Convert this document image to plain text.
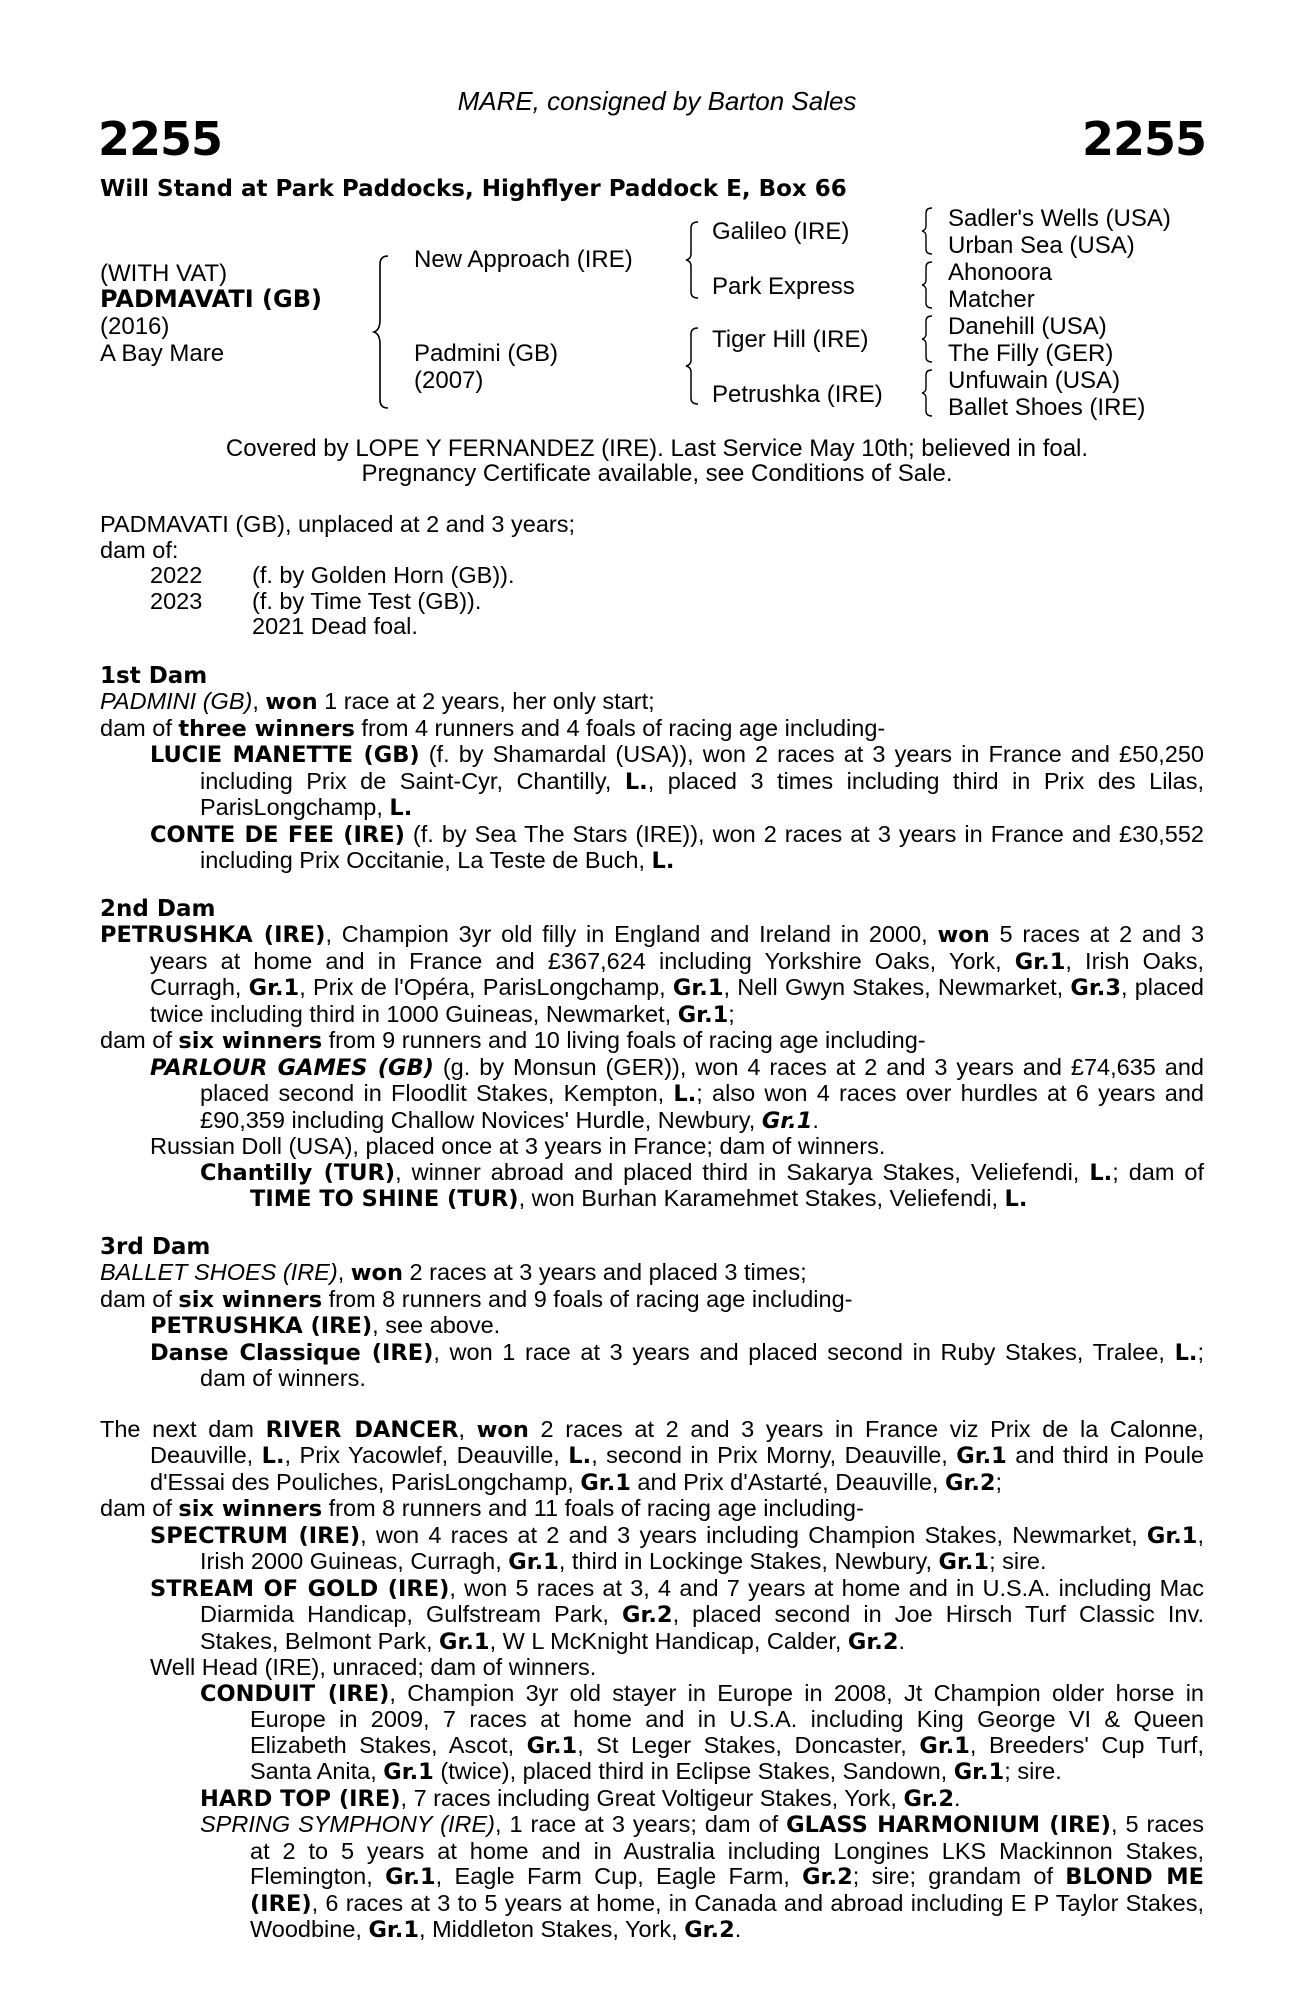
MARE, consigned by Barton Sales
2255	2255
Will Stand at Park Paddocks, Highflyer Paddock E, Box 66
(WITH VAT)
PADMAVATI (GB)
(2016)
A Bay Mare
New Approach (IRE)
Padmini (GB)
(2007)
Galileo (IRE)
Park Express
Tiger Hill (IRE)
Petrushka (IRE)
Sadler's Wells (USA)
Urban Sea (USA)
Ahonoora
Matcher
Danehill (USA)
The Filly (GER)
Unfuwain (USA)
Ballet Shoes (IRE)
Covered by LOPE Y FERNANDEZ (IRE). Last Service May 10th; believed in foal.
Pregnancy Certificate available, see Conditions of Sale.
PADMAVATI (GB), unplaced at 2 and 3 years;
dam of:
2022	(f. by Golden Horn (GB)).
2023	(f. by Time Test (GB)).
2021 Dead foal.
1st Dam

PADMINI (GB), won 1 race at 2 years, her only start;

dam of three winners from 4 runners and 4 foals of racing age including-

LUCIE MANETTE (GB) (f. by Shamardal (USA)), won 2 races at 3 years in France and £50,250 including Prix de Saint-Cyr, Chantilly, L., placed 3 times including third in Prix des Lilas, ParisLongchamp, L.

CONTE DE FEE (IRE) (f. by Sea The Stars (IRE)), won 2 races at 3 years in France and £30,552 including Prix Occitanie, La Teste de Buch, L.

2nd Dam

PETRUSHKA (IRE), Champion 3yr old filly in England and Ireland in 2000, won 5 races at 2 and 3 years at home and in France and £367,624 including Yorkshire Oaks, York, Gr.1, Irish Oaks, Curragh, Gr.1, Prix de l'Opéra, ParisLongchamp, Gr.1, Nell Gwyn Stakes, Newmarket, Gr.3, placed twice including third in 1000 Guineas, Newmarket, Gr.1;

dam of six winners from 9 runners and 10 living foals of racing age including-

PARLOUR GAMES (GB) (g. by Monsun (GER)), won 4 races at 2 and 3 years and £74,635 and placed second in Floodlit Stakes, Kempton, L.; also won 4 races over hurdles at 6 years and £90,359 including Challow Novices' Hurdle, Newbury, Gr.1.

Russian Doll (USA), placed once at 3 years in France; dam of winners.

Chantilly (TUR), winner abroad and placed third in Sakarya Stakes, Veliefendi, L.; dam of TIME TO SHINE (TUR), won Burhan Karamehmet Stakes, Veliefendi, L.

3rd Dam

BALLET SHOES (IRE), won 2 races at 3 years and placed 3 times;

dam of six winners from 8 runners and 9 foals of racing age including-

PETRUSHKA (IRE), see above.

Danse Classique (IRE), won 1 race at 3 years and placed second in Ruby Stakes, Tralee, L.; dam of winners.

The next dam RIVER DANCER, won 2 races at 2 and 3 years in France viz Prix de la Calonne, Deauville, L., Prix Yacowlef, Deauville, L., second in Prix Morny, Deauville, Gr.1 and third in Poule d'Essai des Pouliches, ParisLongchamp, Gr.1 and Prix d'Astarté, Deauville, Gr.2;

dam of six winners from 8 runners and 11 foals of racing age including-

SPECTRUM (IRE), won 4 races at 2 and 3 years including Champion Stakes, Newmarket, Gr.1, Irish 2000 Guineas, Curragh, Gr.1, third in Lockinge Stakes, Newbury, Gr.1; sire.

STREAM OF GOLD (IRE), won 5 races at 3, 4 and 7 years at home and in U.S.A. including Mac Diarmida Handicap, Gulfstream Park, Gr.2, placed second in Joe Hirsch Turf Classic Inv. Stakes, Belmont Park, Gr.1, W L McKnight Handicap, Calder, Gr.2.

Well Head (IRE), unraced; dam of winners.

CONDUIT (IRE), Champion 3yr old stayer in Europe in 2008, Jt Champion older horse in Europe in 2009, 7 races at home and in U.S.A. including King George VI & Queen Elizabeth Stakes, Ascot, Gr.1, St Leger Stakes, Doncaster, Gr.1, Breeders' Cup Turf, Santa Anita, Gr.1 (twice), placed third in Eclipse Stakes, Sandown, Gr.1; sire.

HARD TOP (IRE), 7 races including Great Voltigeur Stakes, York, Gr.2.

SPRING SYMPHONY (IRE), 1 race at 3 years; dam of GLASS HARMONIUM (IRE), 5 races at 2 to 5 years at home and in Australia including Longines LKS Mackinnon Stakes, Flemington, Gr.1, Eagle Farm Cup, Eagle Farm, Gr.2; sire; grandam of BLOND ME (IRE), 6 races at 3 to 5 years at home, in Canada and abroad including E P Taylor Stakes, Woodbine, Gr.1, Middleton Stakes, York, Gr.2.
